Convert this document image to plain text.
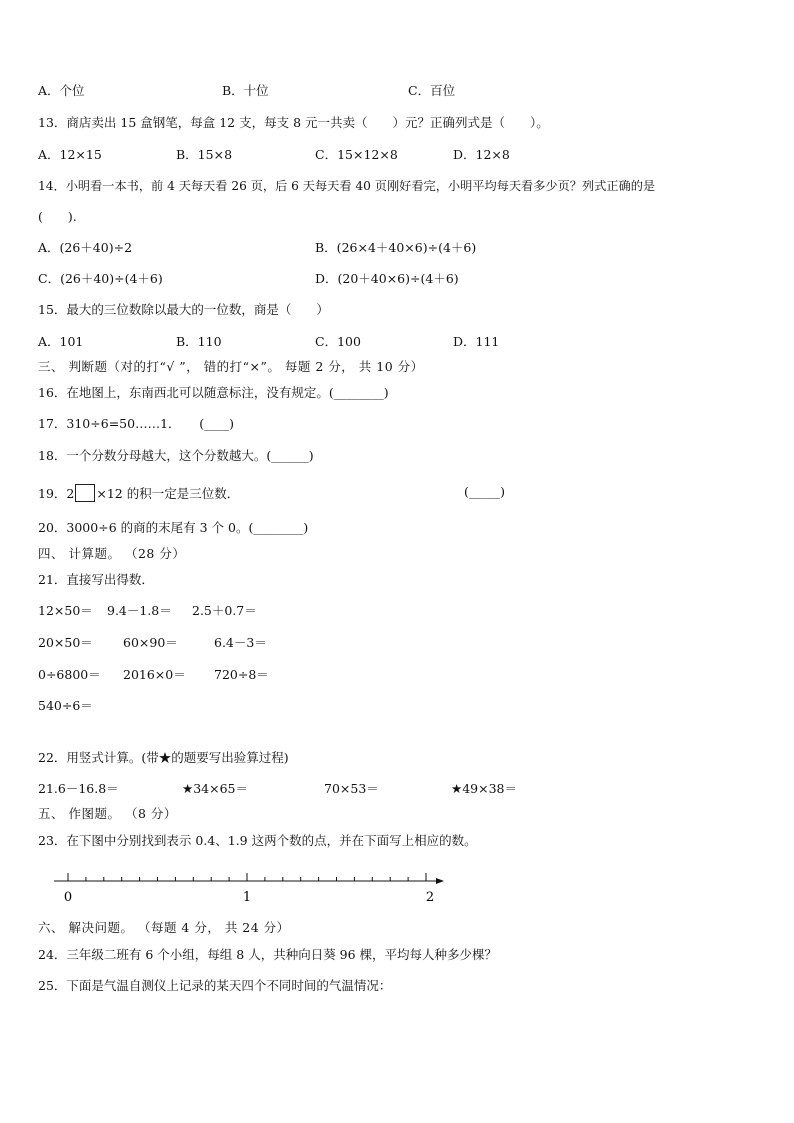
A．个位	B．十位	C．百位
13．商店卖出 15 盒钢笔，每盒 12 支，每支 8 元一共卖（　　）元？正确列式是（　　）。
A．12×15	B．15×8	C．15×12×8	D．12×8
14．小明看一本书，前 4 天每天看 26 页，后 6 天每天看 40 页刚好看完，小明平均每天看多少页？列式正确的是
(　　).
A．(26＋40)÷2	B．(26×4＋40×6)÷(4＋6)
C．(26＋40)÷(4＋6)	D．(20＋40×6)÷(4＋6)
15．最大的三位数除以最大的一位数，商是（　　）
A．101	B．110	C．100	D．111
三、 判断题（对的打“√ ”， 错的打“×”。 每题 2 分， 共 10 分）
16．在地图上，东南西北可以随意标注，没有规定。(________)
17．310÷6=50……1．　　(____)
18．一个分数分母越大，这个分数越大。(______)
19．2 ×12 的积一定是三位数．	(_____)
20．3000÷6 的商的末尾有 3 个 0。(________)
四、 计算题。 （28 分）
21．直接写出得数．
12×50＝ 9.4－1.8＝ 2.5＋0.7＝
20×50＝ 60×90＝	6.4－3＝
0÷6800＝ 2016×0＝ 720÷8＝
540÷6＝
22．用竖式计算。(带★的题要写出验算过程)
21.6－16.8＝	★34×65＝	70×53＝	★49×38＝
五、 作图题。 （8 分）
23．在下图中分别找到表示 0.4、1.9 这两个数的点，并在下面写上相应的数。
0	1	2
六、 解决问题。 （每题 4 分， 共 24 分）
24．三年级二班有 6 个小组，每组 8 人，共种向日葵 96 棵，平均每人种多少棵？
25．下面是气温自测仪上记录的某天四个不同时间的气温情况：
